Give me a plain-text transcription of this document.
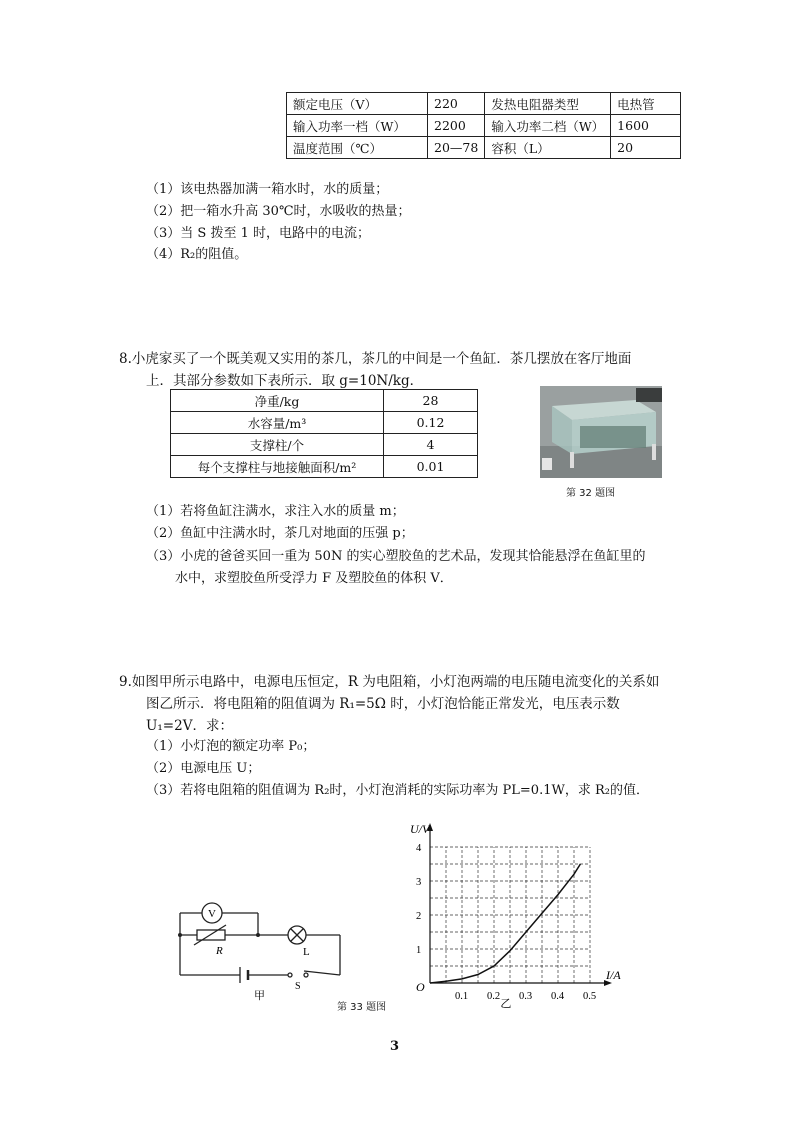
额定电压（V）	220	发热电阻器类型	电热管
输入功率一档（W）	2200	输入功率二档（W）	1600
温度范围（℃）	20—78	容积（L）	20
（1）该电热器加满一箱水时，水的质量；
（2）把一箱水升高 30℃时，水吸收的热量；
（3）当 S 拨至 1 时，电路中的电流；
（4）R₂的阻值。
8.小虎家买了一个既美观又实用的茶几，茶几的中间是一个鱼缸．茶几摆放在客厅地面
上．其部分参数如下表所示．取 g=10N/kg．
净重/kg	28
水容量/m³	0.12
支撑柱/个	4
每个支撑柱与地接触面积/m²	0.01
第 32 题图
（1）若将鱼缸注满水，求注入水的质量 m；
（2）鱼缸中注满水时，茶几对地面的压强 p；
（3）小虎的爸爸买回一重为 50N 的实心塑胶鱼的艺术品，发现其恰能悬浮在鱼缸里的
水中，求塑胶鱼所受浮力 F 及塑胶鱼的体积 V．
9.如图甲所示电路中，电源电压恒定，R 为电阻箱，小灯泡两端的电压随电流变化的关系如
图乙所示．将电阻箱的阻值调为 R₁=5Ω 时，小灯泡恰能正常发光，电压表示数
U₁=2V．求：
（1）小灯泡的额定功率 P₀；
（2）电源电压 U；
（3）若将电阻箱的阻值调为 R₂时，小灯泡消耗的实际功率为 PL=0.1W，求 R₂的值．
V
R	L
S
甲	0.1 0.2 0.3 0.4 0.5
1
2
3
4
U/V
I/A
O
乙
第 33 题图
3
